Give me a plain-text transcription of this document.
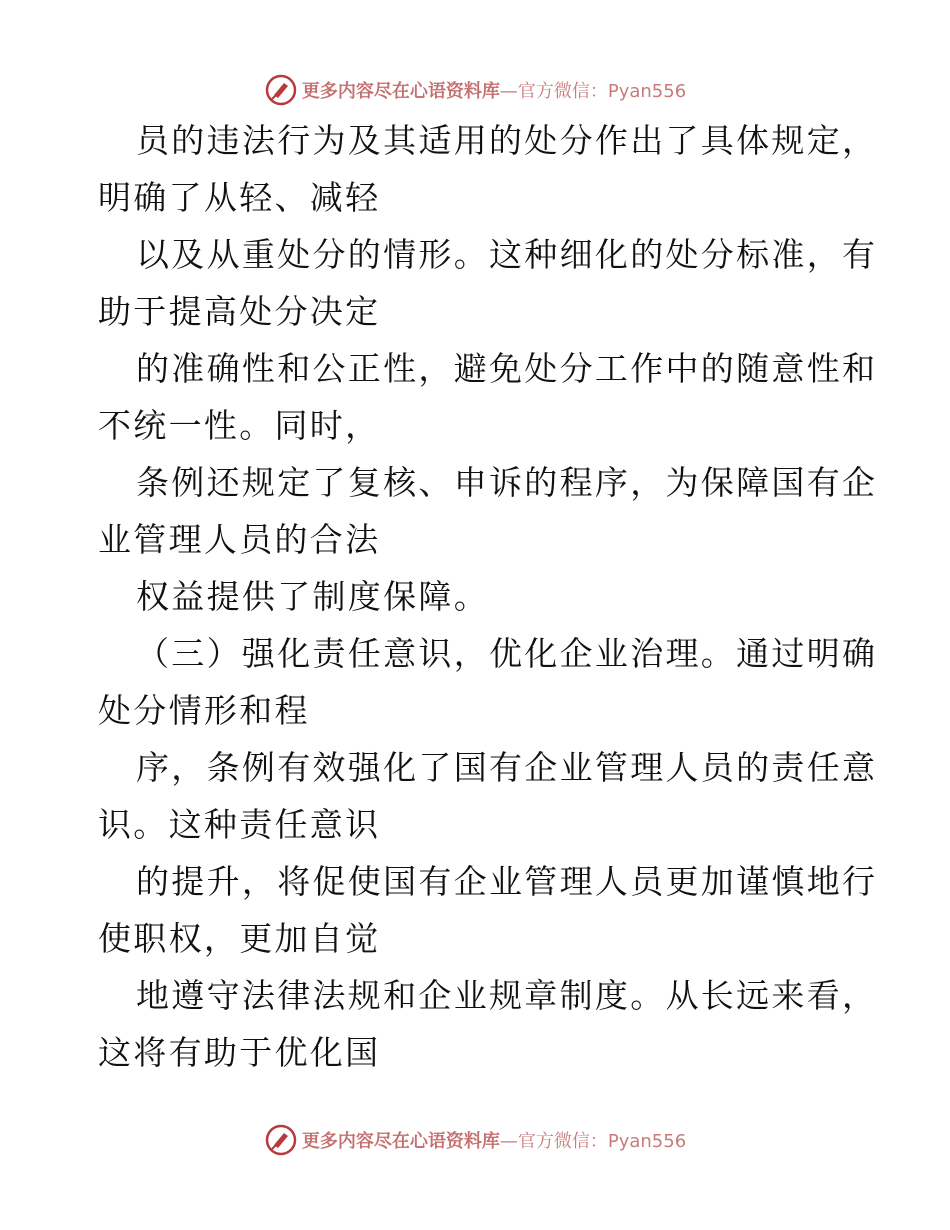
更多内容尽在心语资料库—官方微信：Pyan556
员的违法行为及其适用的处分作出了具体规定，
明确了从轻、减轻
以及从重处分的情形。这种细化的处分标准，有
助于提高处分决定
的准确性和公正性，避免处分工作中的随意性和
不统一性。同时，
条例还规定了复核、申诉的程序，为保障国有企
业管理人员的合法
权益提供了制度保障。
（三）强化责任意识，优化企业治理。通过明确
处分情形和程
序，条例有效强化了国有企业管理人员的责任意
识。这种责任意识
的提升，将促使国有企业管理人员更加谨慎地行
使职权，更加自觉
地遵守法律法规和企业规章制度。从长远来看，
这将有助于优化国
更多内容尽在心语资料库—官方微信：Pyan556
